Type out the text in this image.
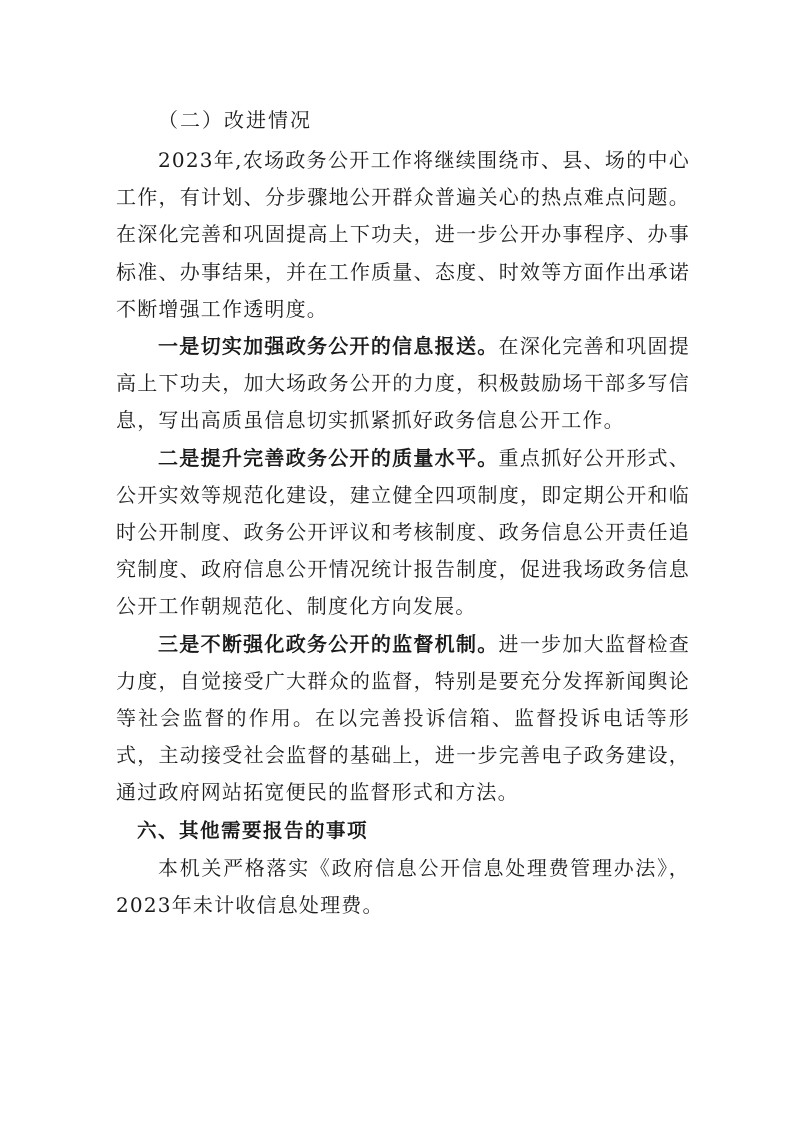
（二）改进情况

2023年,农场政务公开工作将继续围绕市、县、场的中心工作，有计划、分步骤地公开群众普遍关心的热点难点问题。在深化完善和巩固提高上下功夫，进一步公开办事程序、办事标准、办事结果，并在工作质量、态度、时效等方面作出承诺不断增强工作透明度。

一是切实加强政务公开的信息报送。在深化完善和巩固提高上下功夫，加大场政务公开的力度，积极鼓励场干部多写信息，写出高质虽信息切实抓紧抓好政务信息公开工作。

二是提升完善政务公开的质量水平。重点抓好公开形式、公开实效等规范化建设，建立健全四项制度，即定期公开和临时公开制度、政务公开评议和考核制度、政务信息公开责任追究制度、政府信息公开情况统计报告制度，促进我场政务信息公开工作朝规范化、制度化方向发展。

三是不断强化政务公开的监督机制。进一步加大监督检查力度，自觉接受广大群众的监督，特别是要充分发挥新闻舆论等社会监督的作用。在以完善投诉信箱、监督投诉电话等形式，主动接受社会监督的基础上，进一步完善电子政务建设，通过政府网站拓宽便民的监督形式和方法。

六、其他需要报告的事项

本机关严格落实《政府信息公开信息处理费管理办法》，2023年未计收信息处理费。
